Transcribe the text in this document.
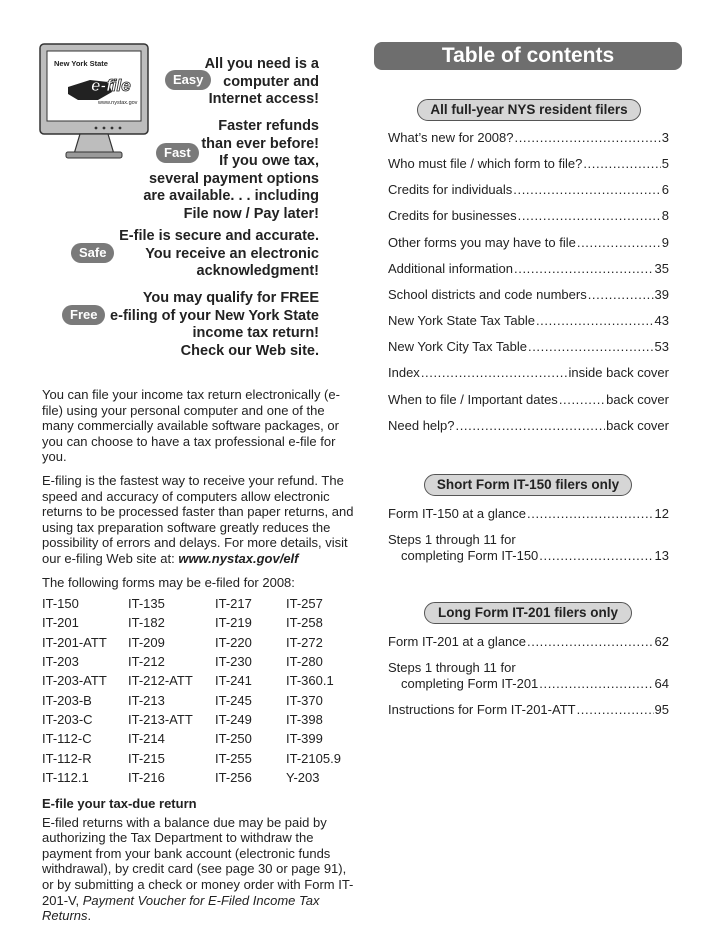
New York State
e-file
www.nystax.gov
Easy
All you need is a
computer and
Internet access!
Fast
Faster refunds
than ever before!
If you owe tax,
several payment options
are available. . . including
File now / Pay later!
Safe
E-file is secure and accurate.
You receive an electronic
acknowledgment!
Free
You may qualify for FREE
e-filing of your New York State
income tax return!
Check our Web site.

You can file your income tax return electronically (e-file) using your personal computer and one of the many commercially available software packages, or you can choose to have a tax professional e-file for you.

E-filing is the fastest way to receive your refund. The speed and accuracy of computers allow electronic returns to be processed faster than paper returns, and using tax preparation software greatly reduces the possibility of errors and delays. For more details, visit our e-filing Web site at: www.nystax.gov/elf

The following forms may be e-filed for 2008:

IT-150	IT-135	IT-217	IT-257
IT-201	IT-182	IT-219	IT-258
IT-201-ATT	IT-209	IT-220	IT-272
IT-203	IT-212	IT-230	IT-280
IT-203-ATT	IT-212-ATT	IT-241	IT-360.1
IT-203-B	IT-213	IT-245	IT-370
IT-203-C	IT-213-ATT	IT-249	IT-398
IT-112-C	IT-214	IT-250	IT-399
IT-112-R	IT-215	IT-255	IT-2105.9
IT-112.1	IT-216	IT-256	Y-203

E-file your tax-due return

E-filed returns with a balance due may be paid by authorizing the Tax Department to withdraw the payment from your bank account (electronic funds withdrawal), by credit card (see page 30 or page 91), or by submitting a check or money order with Form IT-201-V, Payment Voucher for E-Filed Income Tax Returns.

Table of contents
All full-year NYS resident filers
Short Form IT-150 filers only
Long Form IT-201 filers only
What’s new for 2008? .....	3
Who must file / which form to file? .....	5
Credits for individuals .....	6
Credits for businesses .....	8
Other forms you may have to file .....	9
Additional information .....	35
School districts and code numbers .....	39
New York State Tax Table .....	43
New York City Tax Table .....	53
Index .....	inside back cover
When to file / Important dates .....	back cover
Need help? .....	back cover
Form IT-150 at a glance .....	12
Steps 1 through 11 for
completing Form IT-150 .....	13
Form IT-201 at a glance .....	62
Steps 1 through 11 for
completing Form IT-201 .....	64
Instructions for Form IT-201-ATT .....	95
